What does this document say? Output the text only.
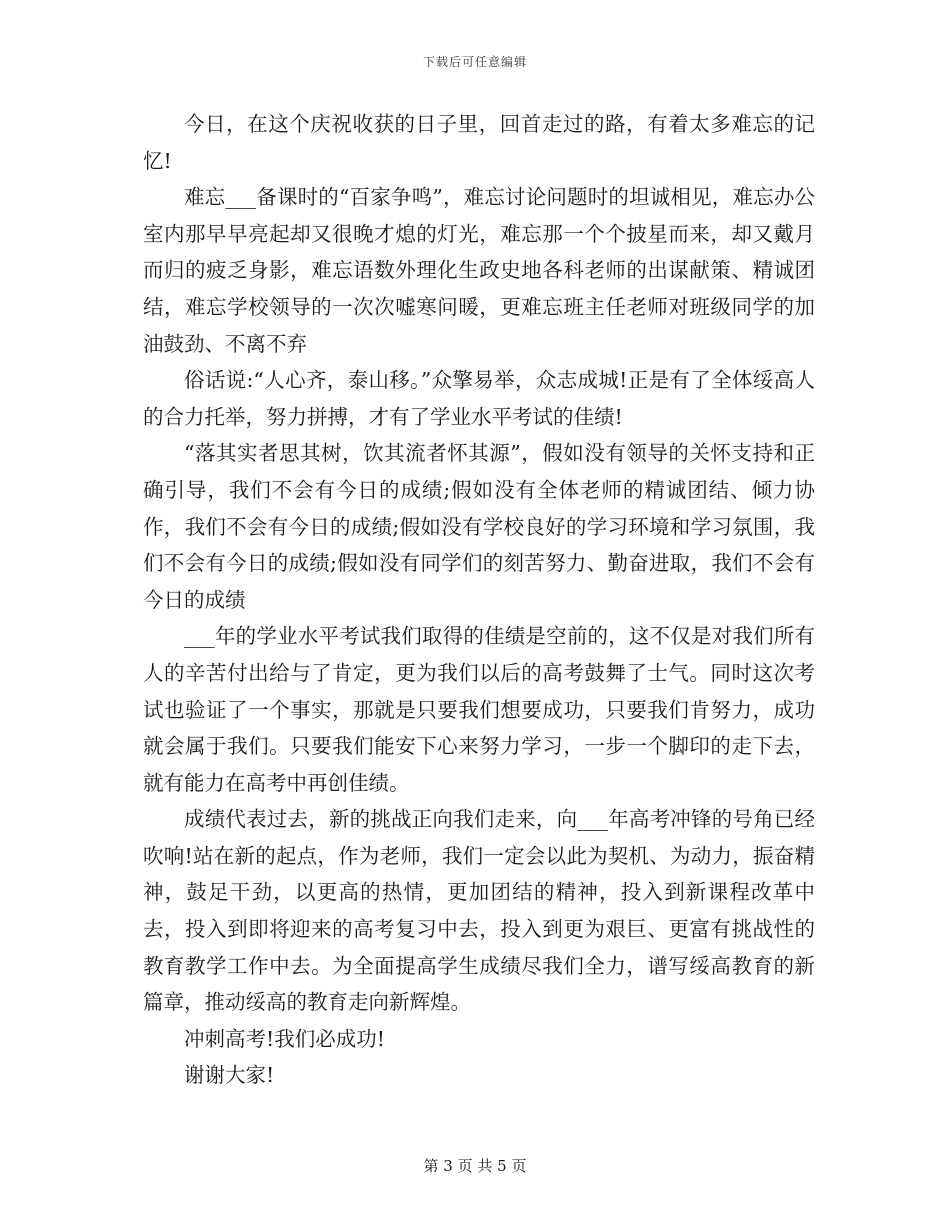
下载后可任意编辑

今日，在这个庆祝收获的日子里，回首走过的路，有着太多难忘的记忆!

难忘___备课时的“百家争鸣”，难忘讨论问题时的坦诚相见，难忘办公室内那早早亮起却又很晚才熄的灯光，难忘那一个个披星而来，却又戴月而归的疲乏身影，难忘语数外理化生政史地各科老师的出谋献策、精诚团结，难忘学校领导的一次次嘘寒问暖，更难忘班主任老师对班级同学的加油鼓劲、不离不弃

俗话说:“人心齐，泰山移。”众擎易举，众志成城!正是有了全体绥高人的合力托举，努力拼搏，才有了学业水平考试的佳绩!

“落其实者思其树，饮其流者怀其源”，假如没有领导的关怀支持和正确引导，我们不会有今日的成绩;假如没有全体老师的精诚团结、倾力协作，我们不会有今日的成绩;假如没有学校良好的学习环境和学习氛围，我们不会有今日的成绩;假如没有同学们的刻苦努力、勤奋进取，我们不会有今日的成绩

___年的学业水平考试我们取得的佳绩是空前的，这不仅是对我们所有人的辛苦付出给与了肯定，更为我们以后的高考鼓舞了士气。同时这次考试也验证了一个事实，那就是只要我们想要成功，只要我们肯努力，成功就会属于我们。只要我们能安下心来努力学习，一步一个脚印的走下去，就有能力在高考中再创佳绩。

成绩代表过去，新的挑战正向我们走来，向___年高考冲锋的号角已经吹响!站在新的起点，作为老师，我们一定会以此为契机、为动力，振奋精神，鼓足干劲，以更高的热情，更加团结的精神，投入到新课程改革中去，投入到即将迎来的高考复习中去，投入到更为艰巨、更富有挑战性的教育教学工作中去。为全面提高学生成绩尽我们全力，谱写绥高教育的新篇章，推动绥高的教育走向新辉煌。

冲刺高考!我们必成功!

谢谢大家!

第 3 页 共 5 页
